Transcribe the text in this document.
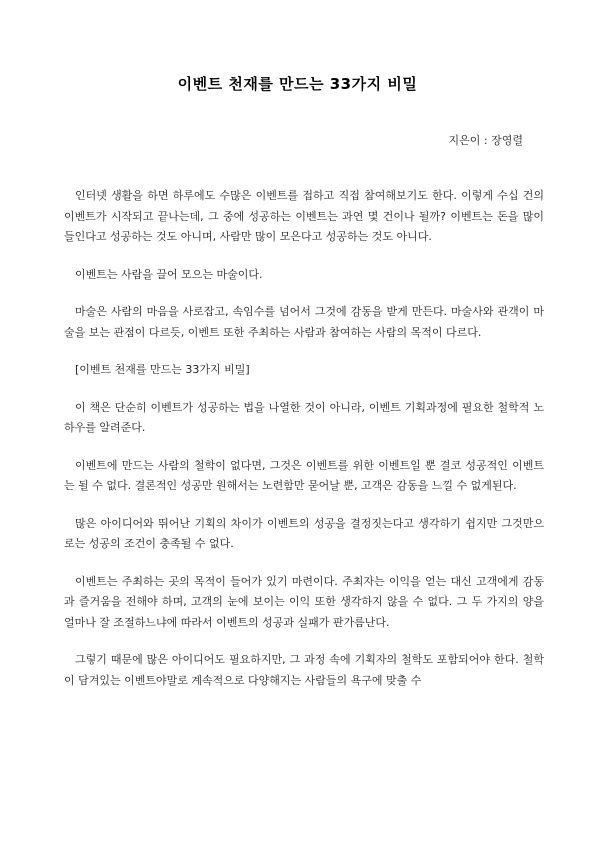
이벤트 천재를 만드는 33가지 비밀
지은이 : 장영렬

인터넷 생활을 하면 하루에도 수많은 이벤트를 접하고 직접 참여해보기도 한다. 이렇게 수십 건의 이벤트가 시작되고 끝나는데, 그 중에 성공하는 이벤트는 과연 몇 건이나 될까? 이벤트는 돈을 많이 들인다고 성공하는 것도 아니며, 사람만 많이 모은다고 성공하는 것도 아니다.

이벤트는 사람을 끌어 모으는 마술이다.

마술은 사람의 마음을 사로잡고, 속임수를 넘어서 그것에 감동을 받게 만든다. 마술사와 관객이 마술을 보는 관점이 다르듯, 이벤트 또한 주최하는 사람과 참여하는 사람의 목적이 다르다.

[이벤트 천재를 만드는 33가지 비밀]

이 책은 단순히 이벤트가 성공하는 법을 나열한 것이 아니라, 이벤트 기획과정에 필요한 철학적 노하우를 알려준다.

이벤트에 만드는 사람의 철학이 없다면, 그것은 이벤트를 위한 이벤트일 뿐 결코 성공적인 이벤트는 될 수 없다. 결론적인 성공만 원해서는 노련함만 묻어날 뿐, 고객은 감동을 느낄 수 없게된다.

많은 아이디어와 뛰어난 기획의 차이가 이벤트의 성공을 결정짓는다고 생각하기 쉽지만 그것만으로는 성공의 조건이 충족될 수 없다.

이벤트는 주최하는 곳의 목적이 들어가 있기 마련이다. 주최자는 이익을 얻는 대신 고객에게 감동과 즐거움을 전해야 하며, 고객의 눈에 보이는 이익 또한 생각하지 않을 수 없다. 그 두 가지의 양을 얼마나 잘 조절하느냐에 따라서 이벤트의 성공과 실패가 판가름난다.

그렇기 때문에 많은 아이디어도 필요하지만, 그 과정 속에 기획자의 철학도 포함되어야 한다. 철학이 담겨있는 이벤트야말로 계속적으로 다양해지는 사람들의 욕구에 맞출 수
